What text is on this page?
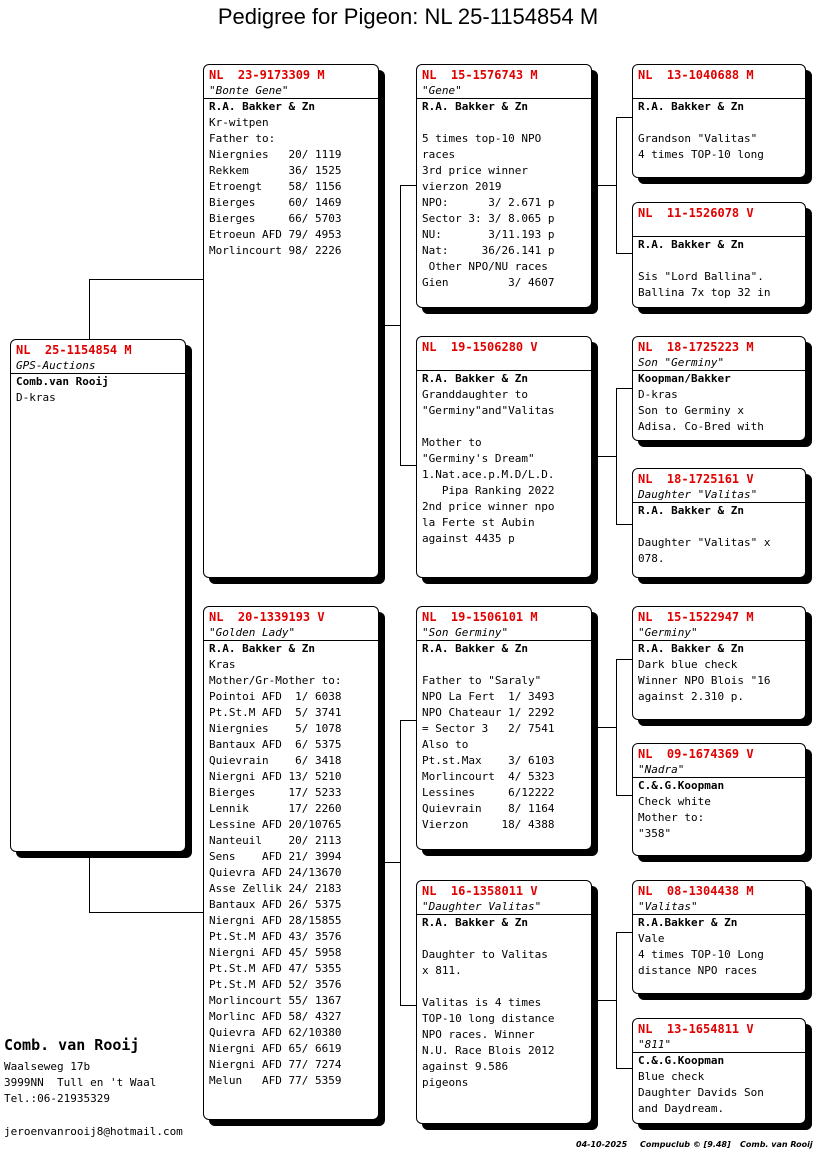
Pedigree for Pigeon: NL 25-1154854 M
NL  25-1154854 M
GPS-Auctions
Comb.van Rooij
D-kras
NL  23-9173309 M
"Bonte Gene"
R.A. Bakker & Zn
Kr-witpen
Father to:
Niergnies   20/ 1119
Rekkem      36/ 1525
Etroengt    58/ 1156
Bierges     60/ 1469
Bierges     66/ 5703
Etroeun AFD 79/ 4953
Morlincourt 98/ 2226
NL  20-1339193 V
"Golden Lady"
R.A. Bakker & Zn
Kras
Mother/Gr-Mother to:
Pointoi AFD  1/ 6038
Pt.St.M AFD  5/ 3741
Niergnies    5/ 1078
Bantaux AFD  6/ 5375
Quievrain    6/ 3418
Niergni AFD 13/ 5210
Bierges     17/ 5233
Lennik      17/ 2260
Lessine AFD 20/10765
Nanteuil    20/ 2113
Sens    AFD 21/ 3994
Quievra AFD 24/13670
Asse Zellik 24/ 2183
Bantaux AFD 26/ 5375
Niergni AFD 28/15855
Pt.St.M AFD 43/ 3576
Niergni AFD 45/ 5958
Pt.St.M AFD 47/ 5355
Pt.St.M AFD 52/ 3576
Morlincourt 55/ 1367
Morlinc AFD 58/ 4327
Quievra AFD 62/10380
Niergni AFD 65/ 6619
Niergni AFD 77/ 7274
Melun   AFD 77/ 5359
NL  15-1576743 M
"Gene"
R.A. Bakker & Zn
5 times top-10 NPO
races
3rd price winner
vierzon 2019
NPO:      3/ 2.671 p
Sector 3: 3/ 8.065 p
NU:       3/11.193 p
Nat:     36/26.141 p
Other NPO/NU races
Gien         3/ 4607
NL  19-1506280 V
R.A. Bakker & Zn
Granddaughter to
"Germiny"and"Valitas
Mother to
"Germiny's Dream"
1.Nat.ace.p.M.D/L.D.
Pipa Ranking 2022
2nd price winner npo
la Ferte st Aubin
against 4435 p
NL  19-1506101 M
"Son Germiny"
R.A. Bakker & Zn
Father to "Saraly"
NPO La Fert  1/ 3493
NPO Chateaur 1/ 2292
= Sector 3   2/ 7541
Also to
Pt.st.Max    3/ 6103
Morlincourt  4/ 5323
Lessines     6/12222
Quievrain    8/ 1164
Vierzon     18/ 4388
NL  16-1358011 V
"Daughter Valitas"
R.A. Bakker & Zn
Daughter to Valitas
x 811.
Valitas is 4 times
TOP-10 long distance
NPO races. Winner
N.U. Race Blois 2012
against 9.586
pigeons
NL  13-1040688 M
R.A. Bakker & Zn
Grandson "Valitas"
4 times TOP-10 long
NL  11-1526078 V
R.A. Bakker & Zn
Sis "Lord Ballina".
Ballina 7x top 32 in
NL  18-1725223 M
Son "Germiny"
Koopman/Bakker
D-kras
Son to Germiny x
Adisa. Co-Bred with
NL  18-1725161 V
Daughter "Valitas"
R.A. Bakker & Zn
Daughter "Valitas" x
078.
NL  15-1522947 M
"Germiny"
R.A. Bakker & Zn
Dark blue check
Winner NPO Blois "16
against 2.310 p.
NL  09-1674369 V
"Nadra"
C.&.G.Koopman
Check white
Mother to:
"358"
NL  08-1304438 M
"Valitas"
R.A.Bakker & Zn
Vale
4 times TOP-10 Long
distance NPO races
NL  13-1654811 V
"811"
C.&.G.Koopman
Blue check
Daughter Davids Son
and Daydream.
Comb. van Rooij
Waalseweg 17b
3999NN  Tull en 't Waal
Tel.:06-21935329
jeroenvanrooij8@hotmail.com
04-10-2025 Compuclub © [9.48] Comb. van Rooij
